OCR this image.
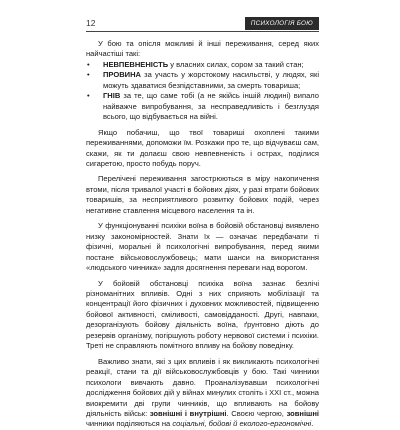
12	ПСИХОЛОГІЯ БОЮ

У бою та опісля можливі й інші переживання, серед яких найчастіші такі:

• НЕВПЕВНЕНІСТЬ у власних силах, сором за такий стан;
• ПРОВИНА за участь у жорстокому насильстві, у людях, які можуть здаватися безпідставними, за смерть товариша;
• ГНІВ за те, що саме тобі (а не якійсь іншій людині) випало найважче випробування, за несправедливість і безглуздя всього, що відбувається на війні.

Якщо побачиш, що твої товариші охоплені такими переживаннями, допоможи їм. Розкажи про те, що відчуваєш сам, скажи, як ти долаєш свою невпевненість і острах, поділися сигаретою, просто побудь поруч.

Перелічені переживання загострюються в міру накопичення втоми, після тривалої участі в бойових діях, у разі втрати бойових товаришів, за несприятливого розвитку бойових подій, через негативне ставлення місцевого населення та ін.

У функціонуванні психіки воїна в бойовій обстановці виявлено низку закономірностей. Знати їх — означає передбачати ті фізичні, моральні й психологічні випробування, перед якими постане військовослужбовець; мати шанси на використання «людського чинника» задля досягнення переваги над ворогом.

У бойовій обстановці психіка воїна зазнає безлічі різноманітних впливів. Одні з них сприяють мобілізації та концентрації його фізичних і духовних можливостей, підвищенню бойової активності, сміливості, самовідданості. Другі, навпаки, дезорганізують бойову діяльність воїна, ґрунтовно діють до резервів організму, погіршують роботу нервової системи і психіки. Треті не справляють помітного впливу на бойову поведінку.

Важливо знати, які з цих впливів і як викликають психологічні реакції, стани та дії військовослужбовців у бою. Такі чинники психологи вивчають давно. Проаналізувавши психологічні дослідження бойових дій у війнах минулих століть і XXI ст., можна виокремити дві групи чинників, що впливають на бойову діяльність військ: зовнішні і внутрішні. Своєю чергою, зовнішні чинники поділяються на соціальні, бойові й еколого-ергономічні.
